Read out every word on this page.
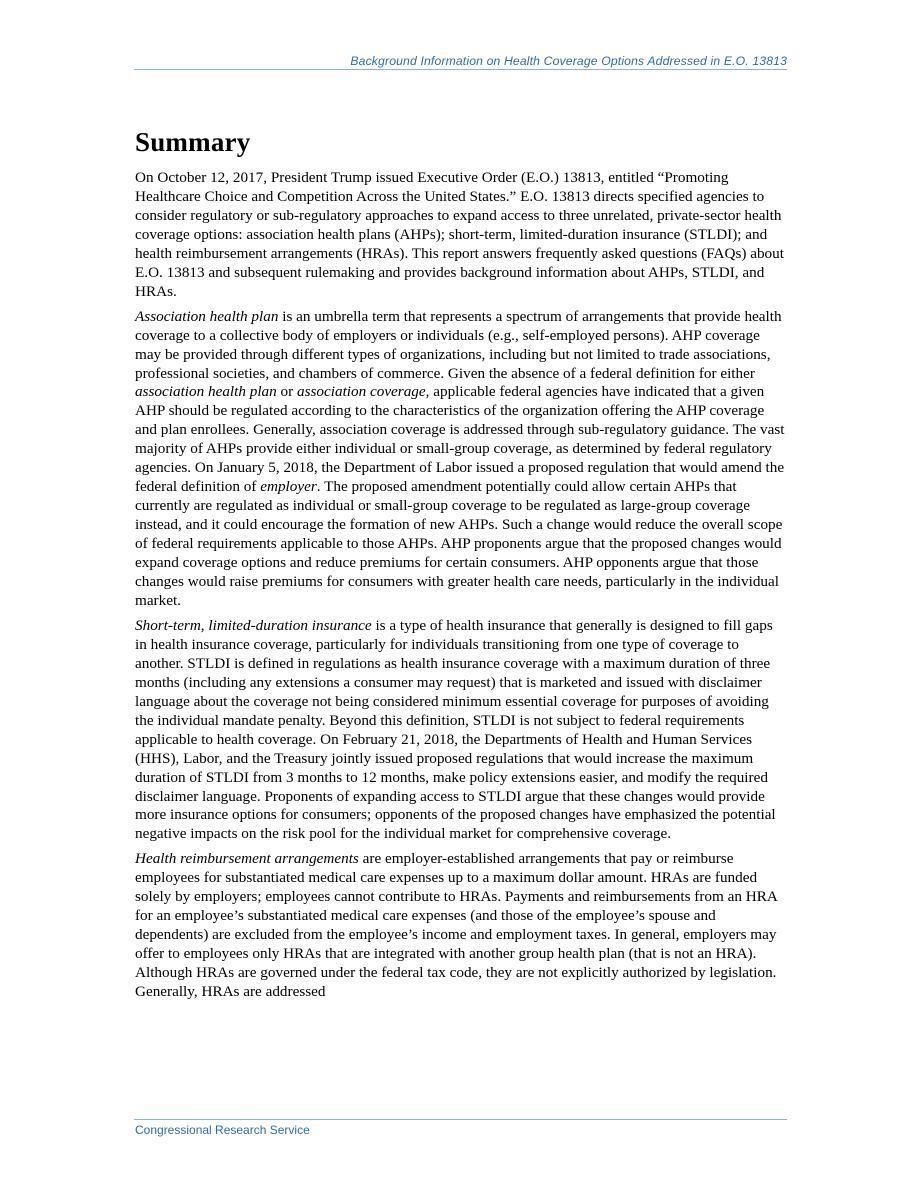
Background Information on Health Coverage Options Addressed in E.O. 13813
Summary

On October 12, 2017, President Trump issued Executive Order (E.O.) 13813, entitled “Promoting Healthcare Choice and Competition Across the United States.” E.O. 13813 directs specified agencies to consider regulatory or sub-regulatory approaches to expand access to three unrelated, private-sector health coverage options: association health plans (AHPs); short-term, limited-duration insurance (STLDI); and health reimbursement arrangements (HRAs). This report answers frequently asked questions (FAQs) about E.O. 13813 and subsequent rulemaking and provides background information about AHPs, STLDI, and HRAs.

Association health plan is an umbrella term that represents a spectrum of arrangements that provide health coverage to a collective body of employers or individuals (e.g., self-employed persons). AHP coverage may be provided through different types of organizations, including but not limited to trade associations, professional societies, and chambers of commerce. Given the absence of a federal definition for either association health plan or association coverage, applicable federal agencies have indicated that a given AHP should be regulated according to the characteristics of the organization offering the AHP coverage and plan enrollees. Generally, association coverage is addressed through sub-regulatory guidance. The vast majority of AHPs provide either individual or small-group coverage, as determined by federal regulatory agencies. On January 5, 2018, the Department of Labor issued a proposed regulation that would amend the federal definition of employer. The proposed amendment potentially could allow certain AHPs that currently are regulated as individual or small-group coverage to be regulated as large-group coverage instead, and it could encourage the formation of new AHPs. Such a change would reduce the overall scope of federal requirements applicable to those AHPs. AHP proponents argue that the proposed changes would expand coverage options and reduce premiums for certain consumers. AHP opponents argue that those changes would raise premiums for consumers with greater health care needs, particularly in the individual market.

Short-term, limited-duration insurance is a type of health insurance that generally is designed to fill gaps in health insurance coverage, particularly for individuals transitioning from one type of coverage to another. STLDI is defined in regulations as health insurance coverage with a maximum duration of three months (including any extensions a consumer may request) that is marketed and issued with disclaimer language about the coverage not being considered minimum essential coverage for purposes of avoiding the individual mandate penalty. Beyond this definition, STLDI is not subject to federal requirements applicable to health coverage. On February 21, 2018, the Departments of Health and Human Services (HHS), Labor, and the Treasury jointly issued proposed regulations that would increase the maximum duration of STLDI from 3 months to 12 months, make policy extensions easier, and modify the required disclaimer language. Proponents of expanding access to STLDI argue that these changes would provide more insurance options for consumers; opponents of the proposed changes have emphasized the potential negative impacts on the risk pool for the individual market for comprehensive coverage.

Health reimbursement arrangements are employer-established arrangements that pay or reimburse employees for substantiated medical care expenses up to a maximum dollar amount. HRAs are funded solely by employers; employees cannot contribute to HRAs. Payments and reimbursements from an HRA for an employee’s substantiated medical care expenses (and those of the employee’s spouse and dependents) are excluded from the employee’s income and employment taxes. In general, employers may offer to employees only HRAs that are integrated with another group health plan (that is not an HRA). Although HRAs are governed under the federal tax code, they are not explicitly authorized by legislation. Generally, HRAs are addressed

Congressional Research Service
